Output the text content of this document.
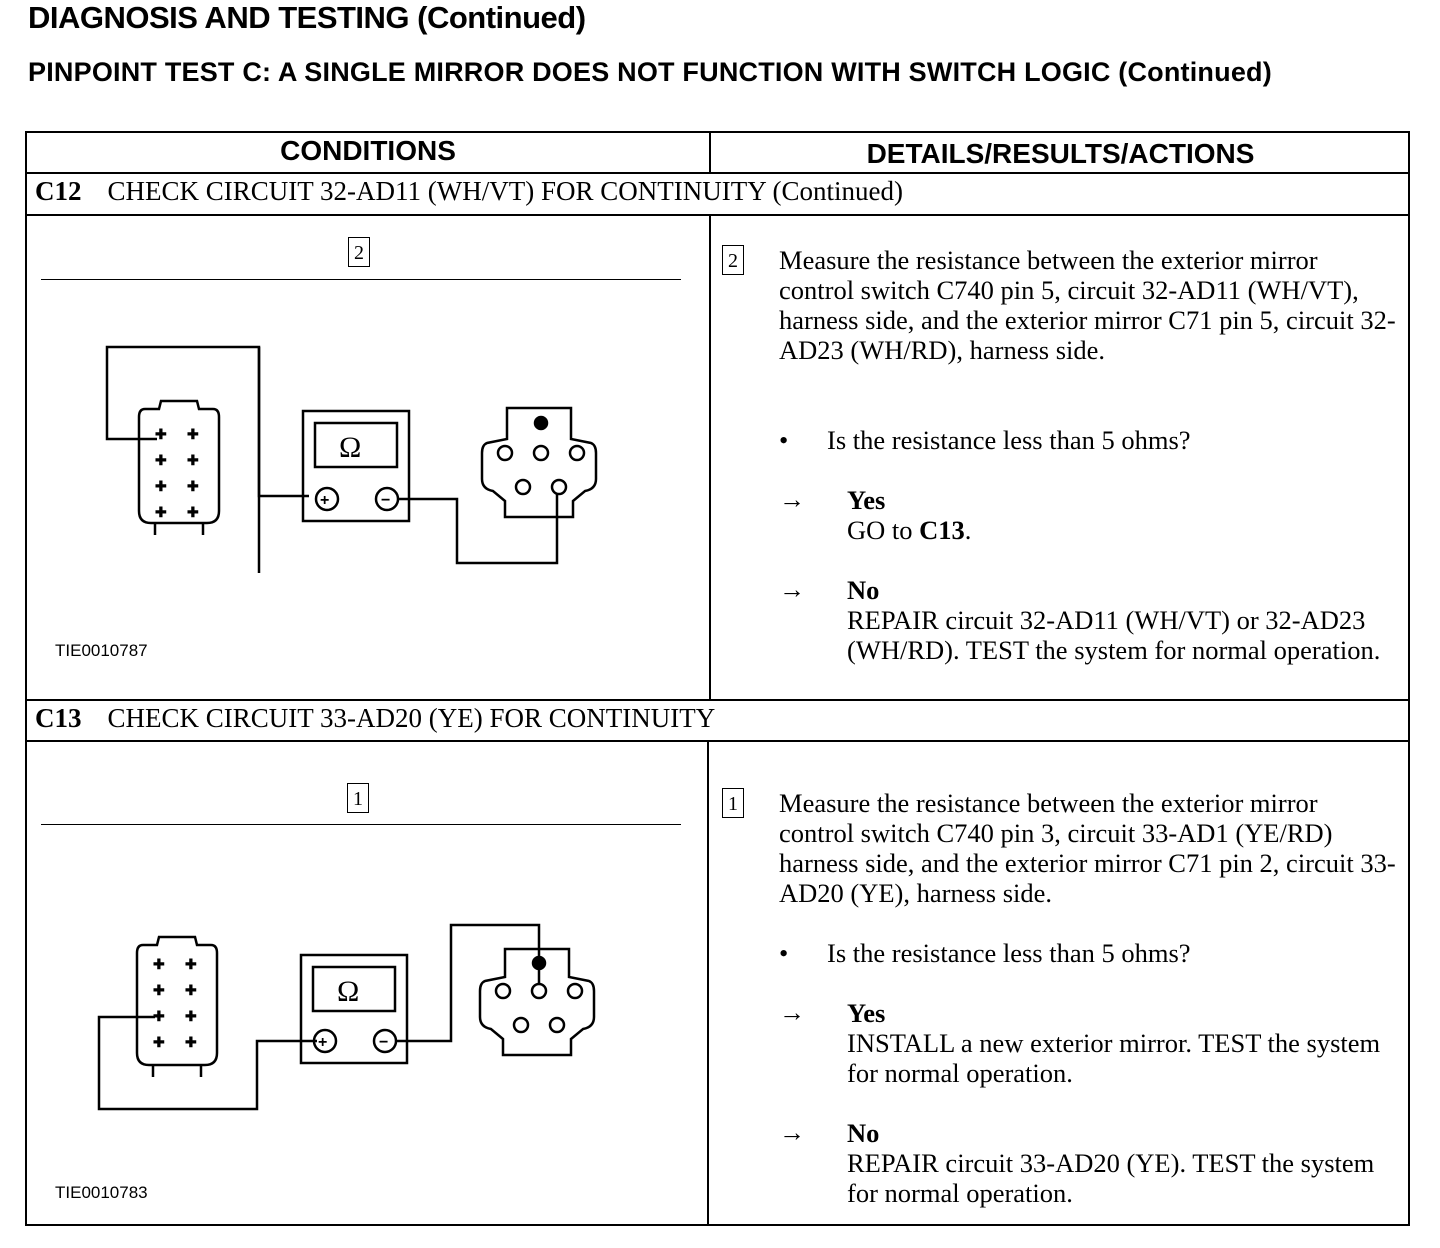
DIAGNOSIS AND TESTING (Continued)
PINPOINT TEST C: A SINGLE MIRROR DOES NOT FUNCTION WITH SWITCH LOGIC (Continued)
CONDITIONS	DETAILS/RESULTS/ACTIONS
C12 CHECK CIRCUIT 32-AD11 (WH/VT) FOR CONTINUITY (Continued)
2
✚ ✚
✚ ✚
✚ ✚
✚ ✚
Ω
+	−
TIE0010787
2 Measure the resistance between the exterior mirror control switch C740 pin 5, circuit 32-AD11 (WH/VT), harness side, and the exterior mirror C71 pin 5, circuit 32-AD23 (WH/RD), harness side.
• Is the resistance less than 5 ohms?
→ Yes
GO to C13.
→ No
REPAIR circuit 32-AD11 (WH/VT) or 32-AD23 (WH/RD). TEST the system for normal operation.
C13 CHECK CIRCUIT 33-AD20 (YE) FOR CONTINUITY
1
✚ ✚
✚ ✚
✚ ✚
✚ ✚
Ω
+	−
TIE0010783
1 Measure the resistance between the exterior mirror control switch C740 pin 3, circuit 33-AD1 (YE/RD) harness side, and the exterior mirror C71 pin 2, circuit 33-AD20 (YE), harness side.
• Is the resistance less than 5 ohms?
→ Yes
INSTALL a new exterior mirror. TEST the system for normal operation.
→ No
REPAIR circuit 33-AD20 (YE). TEST the system for normal operation.
